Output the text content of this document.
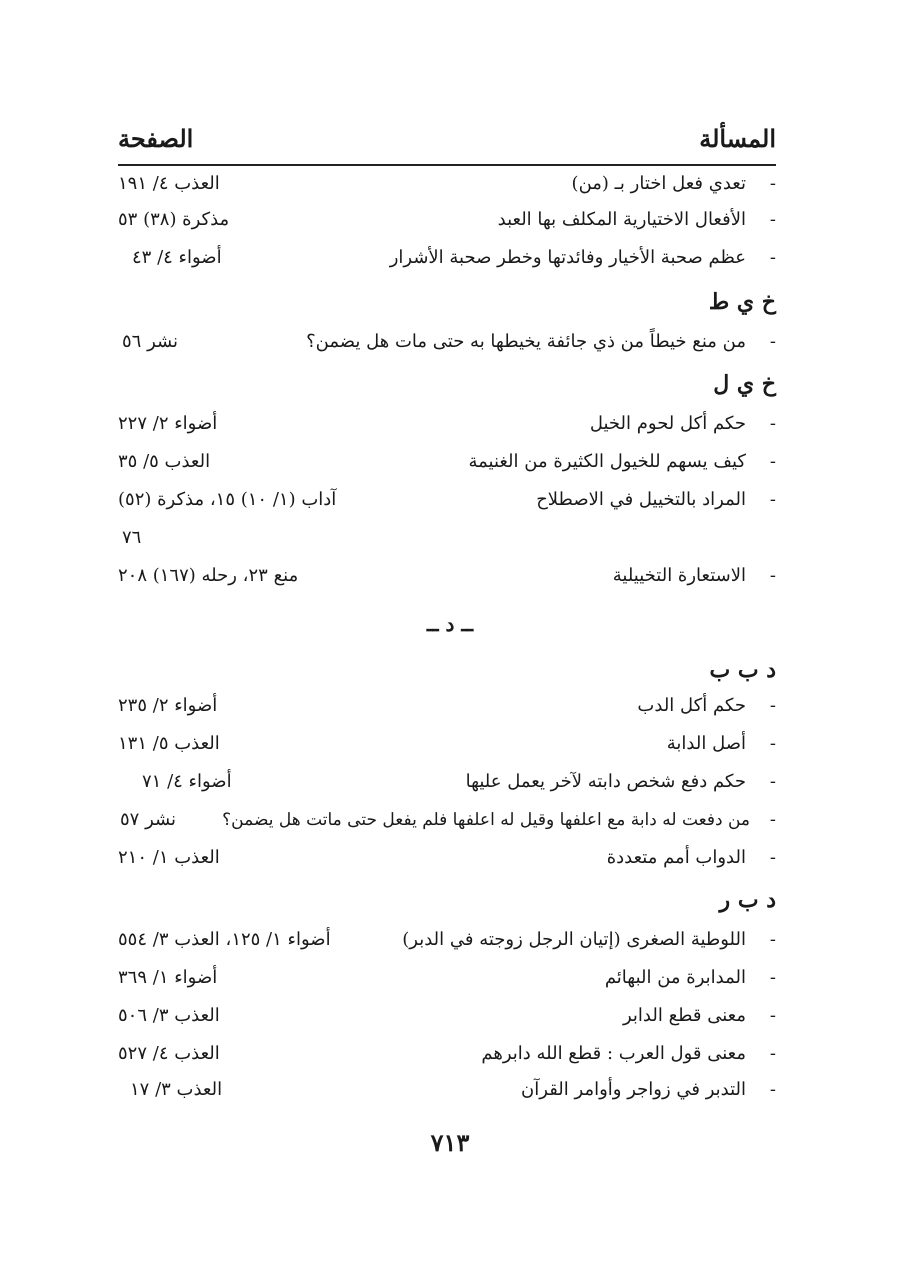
المسألة
الصفحة
-
تعدي فعل اختار بـ (من)
العذب ٤/ ١٩١
-
الأفعال الاختيارية المكلف بها العبد
مذكرة (٣٨) ٥٣
-
عظم صحبة الأخيار وفائدتها وخطر صحبة الأشرار
أضواء ٤/ ٤٣
خ ي ط
-
من منع خيطاً من ذي جائفة يخيطها به حتى مات هل يضمن؟
نشر ٥٦
خ ي ل
-
حكم أكل لحوم الخيل
أضواء ٢/ ٢٢٧
-
كيف يسهم للخيول الكثيرة من الغنيمة
العذب ٥/ ٣٥
-
المراد بالتخييل في الاصطلاح
آداب (١/ ١٠) ١٥، مذكرة (٥٢)
٧٦
-
الاستعارة التخييلية
منع ٢٣، رحله (١٦٧) ٢٠٨
ــ د ــ
د ب ب
-
حكم أكل الدب
أضواء ٢/ ٢٣٥
-
أصل الدابة
العذب ٥/ ١٣١
-
حكم دفع شخص دابته لآخر يعمل عليها
أضواء ٤/ ٧١
-
من دفعت له دابة مع اعلفها وقيل له اعلفها فلم يفعل حتى ماتت هل يضمن؟
نشر ٥٧
-
الدواب أمم متعددة
العذب ١/ ٢١٠
د ب ر
-
اللوطية الصغرى (إتيان الرجل زوجته في الدبر)
أضواء ١/ ١٢٥، العذب ٣/ ٥٥٤
-
المدابرة من البهائم
أضواء ١/ ٣٦٩
-
معنى قطع الدابر
العذب ٣/ ٥٠٦
-
معنى قول العرب : قطع الله دابرهم
العذب ٤/ ٥٢٧
-
التدبر في زواجر وأوامر القرآن
العذب ٣/ ١٧
٧١٣
